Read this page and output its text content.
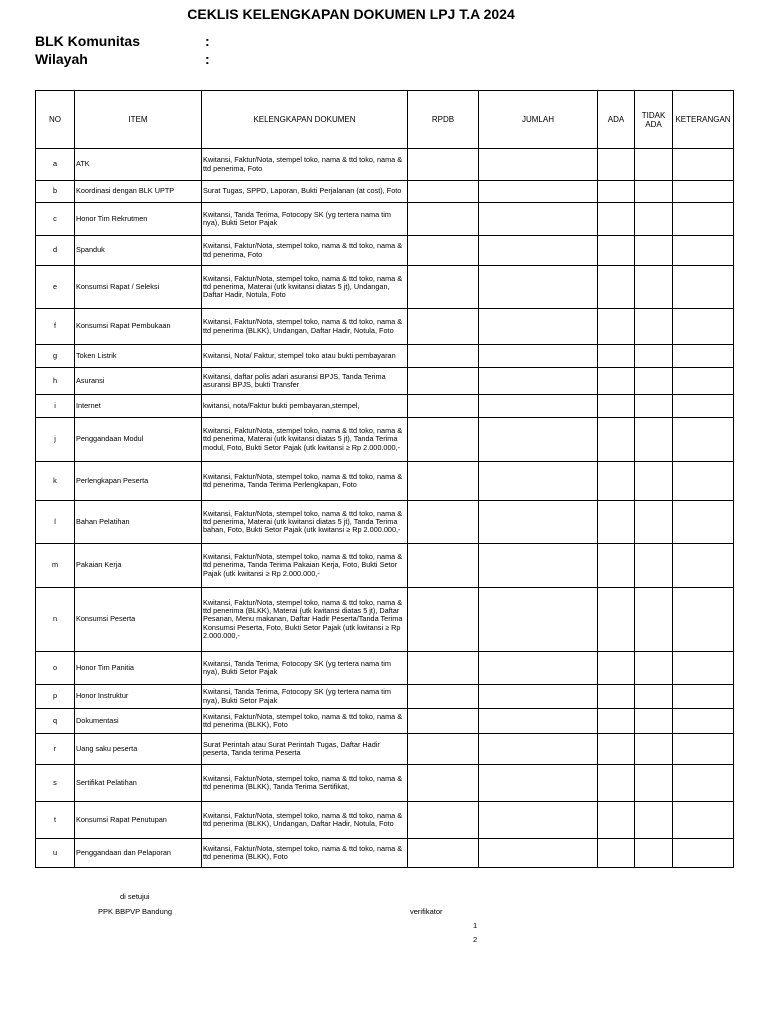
CEKLIS KELENGKAPAN DOKUMEN LPJ T.A 2024
BLK Komunitas	:
Wilayah	:
NO	ITEM	KELENGKAPAN DOKUMEN	RPDB	JUMLAH	ADA	TIDAK ADA	KETERANGAN
a	ATK	Kwitansi, Faktur/Nota, stempel toko, nama & ttd toko, nama & ttd penerima, Foto					
b	Koordinasi dengan BLK UPTP	Surat Tugas, SPPD, Laporan, Bukti Perjalanan (at cost), Foto					
c	Honor Tim Rekrutmen	Kwitansi, Tanda Terima, Fotocopy SK (yg tertera nama tim nya), Bukti Setor Pajak					
d	Spanduk	Kwitansi, Faktur/Nota, stempel toko, nama & ttd toko, nama & ttd penerima, Foto					
e	Konsumsi Rapat / Seleksi	Kwitansi, Faktur/Nota, stempel toko, nama & ttd toko, nama & ttd penerima, Materai (utk kwitansi diatas 5 jt), Undangan, Daftar Hadir, Notula, Foto					
f	Konsumsi Rapat Pembukaan	Kwitansi, Faktur/Nota, stempel toko, nama & ttd toko, nama & ttd penerima (BLKK), Undangan, Daftar Hadir, Notula, Foto					
g	Token Listrik	Kwitansi, Nota/ Faktur, stempel toko atau bukti pembayaran					
h	Asuransi	Kwitansi, daftar polis adari asuransi BPJS, Tanda Terima asuransi BPJS, bukti Transfer					
i	Internet	kwitansi, nota/Faktur bukti pembayaran,stempel,					
j	Penggandaan Modul	Kwitansi, Faktur/Nota, stempel toko, nama & ttd toko, nama & ttd penerima, Materai (utk kwitansi diatas 5 jt), Tanda Terima modul, Foto, Bukti Setor Pajak (utk kwitansi ≥ Rp 2.000.000,-					
k	Perlengkapan Peserta	Kwitansi, Faktur/Nota, stempel toko, nama & ttd toko, nama & ttd penerima, Tanda Terima Perlengkapan, Foto					
l	Bahan Pelatihan	Kwitansi, Faktur/Nota, stempel toko, nama & ttd toko, nama & ttd penerima, Materai (utk kwitansi diatas 5 jt), Tanda Terima bahan, Foto, Bukti Setor Pajak (utk kwitansi ≥ Rp 2.000.000,-					
m	Pakaian Kerja	Kwitansi, Faktur/Nota, stempel toko, nama & ttd toko, nama & ttd penerima, Tanda Terima Pakaian Kerja, Foto, Bukti Setor Pajak (utk kwitansi ≥ Rp 2.000.000,-					
n	Konsumsi Peserta	Kwitansi, Faktur/Nota, stempel toko, nama & ttd toko, nama & ttd penerima (BLKK), Materai (utk kwitansi diatas 5 jt), Daftar Pesanan, Menu makanan, Daftar Hadir Peserta/Tanda Terima Konsumsi Peserta, Foto, Bukti Setor Pajak (utk kwitansi ≥ Rp 2.000.000,-					
o	Honor Tim Panitia	Kwitansi, Tanda Terima, Fotocopy SK (yg tertera nama tim nya), Bukti Setor Pajak					
p	Honor Instruktur	Kwitansi, Tanda Terima, Fotocopy SK (yg tertera nama tim nya), Bukti Setor Pajak					
q	Dokumentasi	Kwitansi, Faktur/Nota, stempel toko, nama & ttd toko, nama & ttd penerima (BLKK), Foto					
r	Uang saku peserta	Surat Perintah atau Surat Perintah Tugas, Daftar Hadir peserta, Tanda terima Peserta					
s	Sertifikat Pelatihan	Kwitansi, Faktur/Nota, stempel toko, nama & ttd toko, nama & ttd penerima (BLKK), Tanda Terima Sertifikat,					
t	Konsumsi Rapat Penutupan	Kwitansi, Faktur/Nota, stempel toko, nama & ttd toko, nama & ttd penerima (BLKK), Undangan, Daftar Hadir, Notula, Foto					
u	Penggandaan dan Pelaporan	Kwitansi, Faktur/Nota, stempel toko, nama & ttd toko, nama & ttd penerima (BLKK), Foto					
di setujui
PPK BBPVP Bandung	verifikator
1
2
